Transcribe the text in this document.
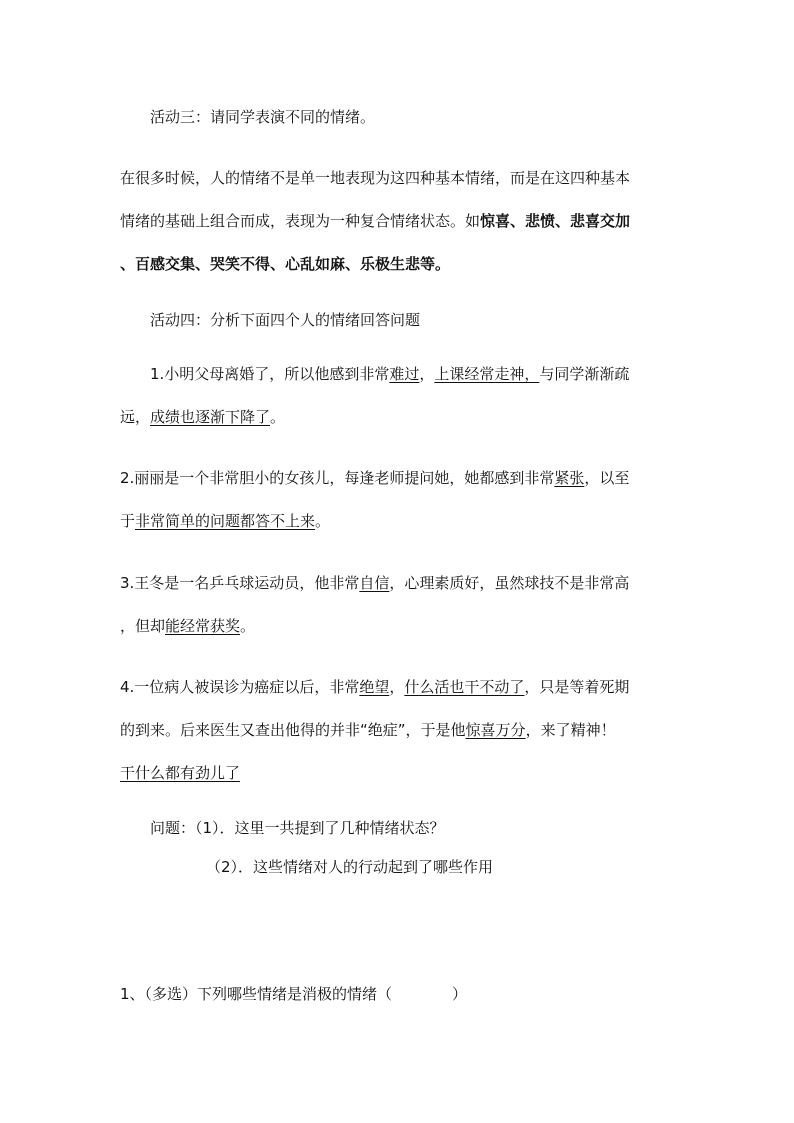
活动三：请同学表演不同的情绪。
在很多时候，人的情绪不是单一地表现为这四种基本情绪，而是在这四种基本
情绪的基础上组合而成，表现为一种复合情绪状态。如惊喜、悲愤、悲喜交加
、百感交集、哭笑不得、心乱如麻、乐极生悲等。
活动四：分析下面四个人的情绪回答问题
1.小明父母离婚了，所以他感到非常难过，上课经常走神，与同学渐渐疏
远，成绩也逐渐下降了。
2.丽丽是一个非常胆小的女孩儿，每逢老师提问她，她都感到非常紧张，以至
于非常简单的问题都答不上来。
3.王冬是一名乒乓球运动员，他非常自信，心理素质好，虽然球技不是非常高
，但却能经常获奖。
4.一位病人被误诊为癌症以后，非常绝望，什么活也干不动了，只是等着死期
的到来。后来医生又查出他得的并非“绝症”，于是他惊喜万分，来了精神！
干什么都有劲儿了
问题：（1）．这里一共提到了几种情绪状态？
（2）．这些情绪对人的行动起到了哪些作用
1、（多选）下列哪些情绪是消极的情绪（　　　　）
